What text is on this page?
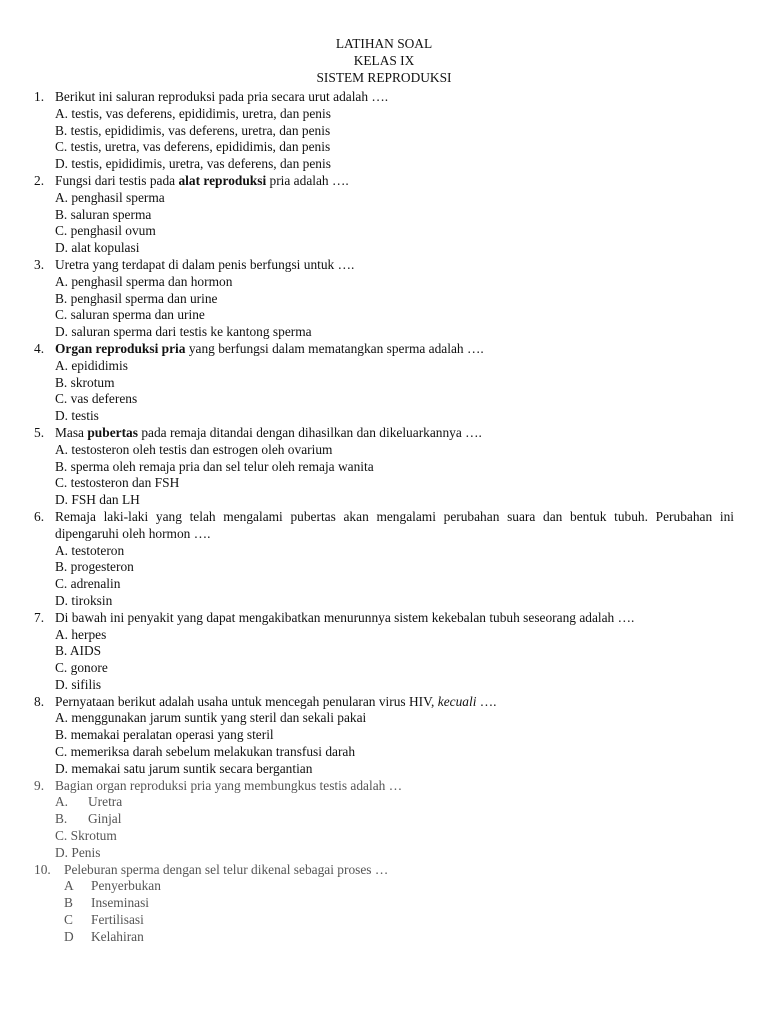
LATIHAN SOAL
KELAS IX
SISTEM REPRODUKSI
1. Berikut ini saluran reproduksi pada pria secara urut adalah ….
A. testis, vas deferens, epididimis, uretra, dan penis
B. testis, epididimis, vas deferens, uretra, dan penis
C. testis, uretra, vas deferens, epididimis, dan penis
D. testis, epididimis, uretra, vas deferens, dan penis
2. Fungsi dari testis pada alat reproduksi pria adalah ….
A. penghasil sperma
B. saluran sperma
C. penghasil ovum
D. alat kopulasi
3. Uretra yang terdapat di dalam penis berfungsi untuk ….
A. penghasil sperma dan hormon
B. penghasil sperma dan urine
C. saluran sperma dan urine
D. saluran sperma dari testis ke kantong sperma
4. Organ reproduksi pria yang berfungsi dalam mematangkan sperma adalah ….
A. epididimis
B. skrotum
C. vas deferens
D. testis
5. Masa pubertas pada remaja ditandai dengan dihasilkan dan dikeluarkannya ….
A. testosteron oleh testis dan estrogen oleh ovarium
B. sperma oleh remaja pria dan sel telur oleh remaja wanita
C. testosteron dan FSH
D. FSH dan LH
6. Remaja laki-laki yang telah mengalami pubertas akan mengalami perubahan suara dan bentuk tubuh. Perubahan ini dipengaruhi oleh hormon ….
A. testoteron
B. progesteron
C. adrenalin
D. tiroksin
7. Di bawah ini penyakit yang dapat mengakibatkan menurunnya sistem kekebalan tubuh seseorang adalah ….
A. herpes
B. AIDS
C. gonore
D. sifilis
8. Pernyataan berikut adalah usaha untuk mencegah penularan virus HIV, kecuali ….
A. menggunakan jarum suntik yang steril dan sekali pakai
B. memakai peralatan operasi yang steril
C. memeriksa darah sebelum melakukan transfusi darah
D. memakai satu jarum suntik secara bergantian
9. Bagian organ reproduksi pria yang membungkus testis adalah …
A. Uretra
B. Ginjal
C. Skrotum
D. Penis
10. Peleburan sperma dengan sel telur dikenal sebagai proses …
A Penyerbukan
B Inseminasi
C Fertilisasi
D Kelahiran
